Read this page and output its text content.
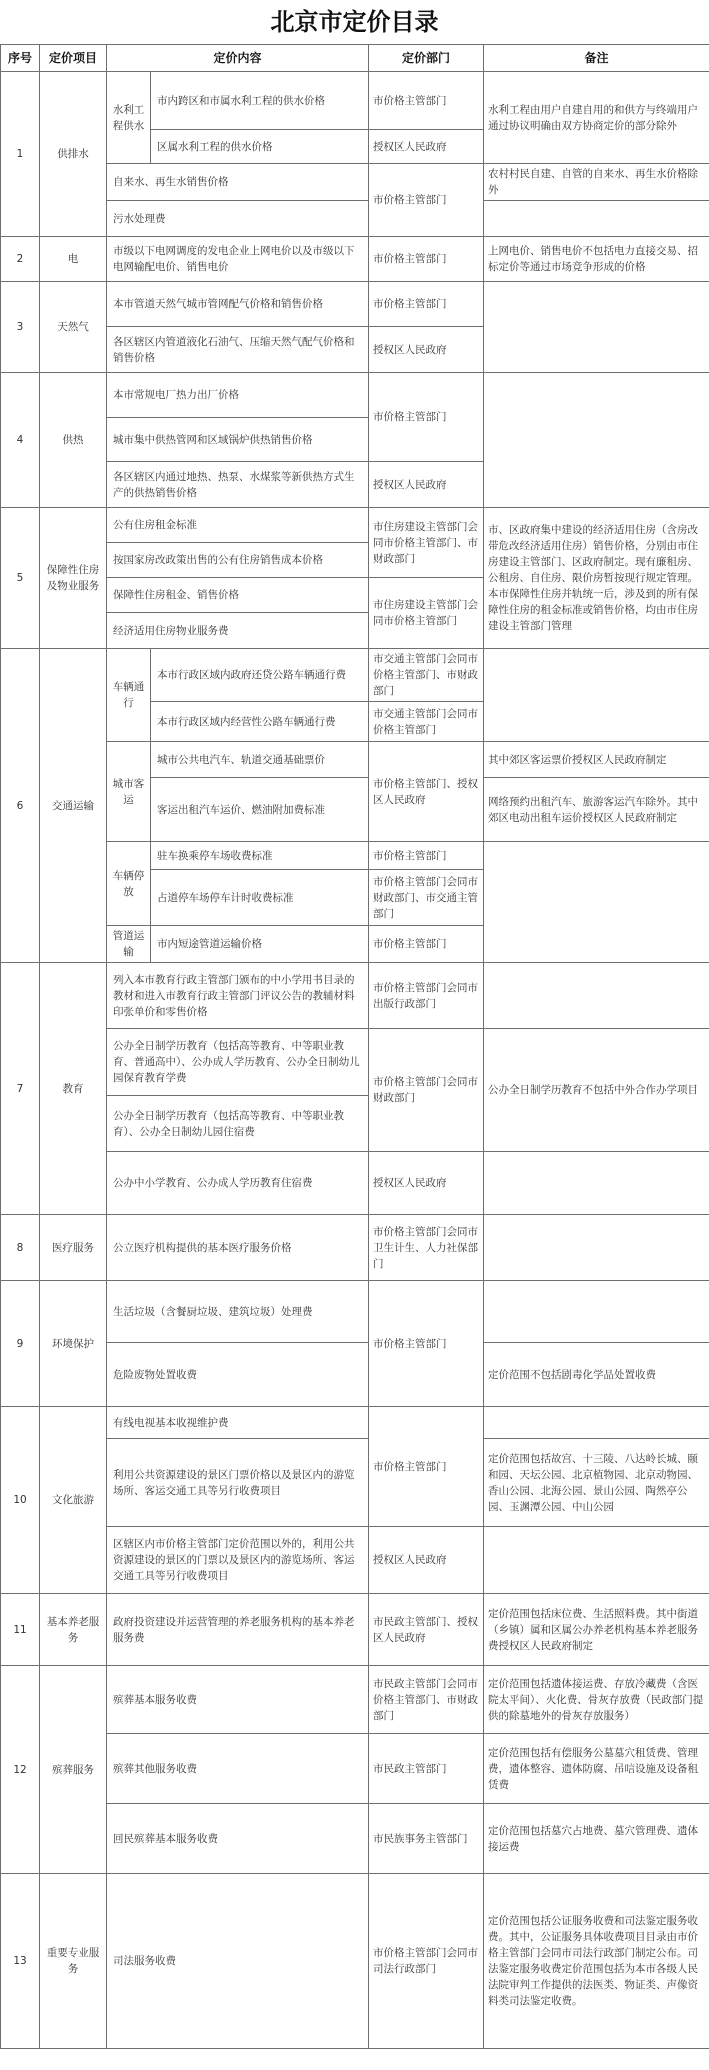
北京市定价目录
序号	定价项目	定价内容		定价部门	备注
1	供排水	水利工程供水	市内跨区和市属水利工程的供水价格	市价格主管部门	水利工程由用户自建自用的和供方与终端用户通过协议明确由双方协商定价的部分除外
			区属水利工程的供水价格	授权区人民政府	
		自来水、再生水销售价格		市价格主管部门	农村村民自建、自管的自来水、再生水价格除外
		污水处理费			
2	电	市级以下电网调度的发电企业上网电价以及市级以下电网输配电价、销售电价		市价格主管部门	上网电价、销售电价不包括电力直接交易、招标定价等通过市场竞争形成的价格
3	天然气	本市管道天然气城市管网配气价格和销售价格		市价格主管部门	
		各区辖区内管道液化石油气、压缩天然气配气价格和销售价格		授权区人民政府	
4	供热	本市常规电厂热力出厂价格		市价格主管部门	
		城市集中供热管网和区域锅炉供热销售价格			
		各区辖区内通过地热、热泵、水煤浆等新供热方式生产的供热销售价格		授权区人民政府	
5	保障性住房及物业服务	公有住房租金标准		市住房建设主管部门会同市价格主管部门、市财政部门	市、区政府集中建设的经济适用住房（含房改带危改经济适用住房）销售价格，分别由市住房建设主管部门、区政府制定。现有廉租房、公租房、自住房、限价房暂按现行规定管理。本市保障性住房并轨统一后，涉及到的所有保障性住房的租金标准或销售价格，均由市住房建设主管部门管理
		按国家房改政策出售的公有住房销售成本价格			
		保障性住房租金、销售价格		市住房建设主管部门会同市价格主管部门	
		经济适用住房物业服务费			
6	交通运输	车辆通行	本市行政区域内政府还贷公路车辆通行费	市交通主管部门会同市价格主管部门、市财政部门	
			本市行政区域内经营性公路车辆通行费	市交通主管部门会同市价格主管部门	
		城市客运	城市公共电汽车、轨道交通基础票价	市价格主管部门、授权区人民政府	其中郊区客运票价授权区人民政府制定
			客运出租汽车运价、燃油附加费标准		网络预约出租汽车、旅游客运汽车除外。其中郊区电动出租车运价授权区人民政府制定
		车辆停放	驻车换乘停车场收费标准	市价格主管部门	
			占道停车场停车计时收费标准	市价格主管部门会同市财政部门、市交通主管部门	
		管道运输	市内短途管道运输价格	市价格主管部门	
7	教育	列入本市教育行政主管部门颁布的中小学用书目录的教材和进入市教育行政主管部门评议公告的教辅材料印张单价和零售价格		市价格主管部门会同市出版行政部门	
		公办全日制学历教育（包括高等教育、中等职业教育、普通高中）、公办成人学历教育、公办全日制幼儿园保育教育学费		市价格主管部门会同市财政部门	公办全日制学历教育不包括中外合作办学项目
		公办全日制学历教育（包括高等教育、中等职业教育）、公办全日制幼儿园住宿费			
		公办中小学教育、公办成人学历教育住宿费		授权区人民政府	
8	医疗服务	公立医疗机构提供的基本医疗服务价格		市价格主管部门会同市卫生计生、人力社保部门	
9	环境保护	生活垃圾（含餐厨垃圾、建筑垃圾）处理费		市价格主管部门	
		危险废物处置收费			定价范围不包括剧毒化学品处置收费
10	文化旅游	有线电视基本收视维护费		市价格主管部门	
		利用公共资源建设的景区门票价格以及景区内的游览场所、客运交通工具等另行收费项目			定价范围包括故宫、十三陵、八达岭长城、颐和园、天坛公园、北京植物园、北京动物园、香山公园、北海公园、景山公园、陶然亭公园、玉渊潭公园、中山公园
		区辖区内市价格主管部门定价范围以外的，利用公共资源建设的景区的门票以及景区内的游览场所、客运交通工具等另行收费项目		授权区人民政府	
11	基本养老服务	政府投资建设并运营管理的养老服务机构的基本养老服务费		市民政主管部门、授权区人民政府	定价范围包括床位费、生活照料费。其中街道（乡镇）属和区属公办养老机构基本养老服务费授权区人民政府制定
12	殡葬服务	殡葬基本服务收费		市民政主管部门会同市价格主管部门、市财政部门	定价范围包括遗体接运费、存放冷藏费（含医院太平间）、火化费、骨灰存放费（民政部门提供的除墓地外的骨灰存放服务）
		殡葬其他服务收费		市民政主管部门	定价范围包括有偿服务公墓墓穴租赁费、管理费，遗体整容、遗体防腐、吊唁设施及设备租赁费
		回民殡葬基本服务收费		市民族事务主管部门	定价范围包括墓穴占地费、墓穴管理费、遗体接运费
13	重要专业服务	司法服务收费		市价格主管部门会同市司法行政部门	定价范围包括公证服务收费和司法鉴定服务收费。其中，公证服务具体收费项目目录由市价格主管部门会同市司法行政部门制定公布。司法鉴定服务收费定价范围包括为本市各级人民法院审判工作提供的法医类、物证类、声像资料类司法鉴定收费。
